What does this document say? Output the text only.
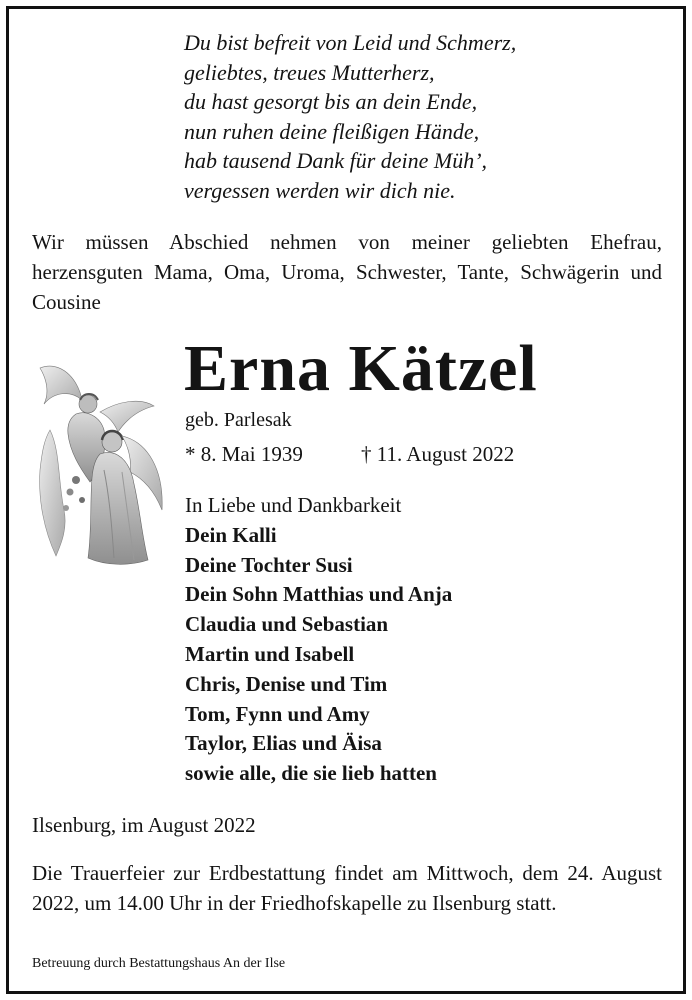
Du bist befreit von Leid und Schmerz,
geliebtes, treues Mutterherz,
du hast gesorgt bis an dein Ende,
nun ruhen deine fleißigen Hände,
hab tausend Dank für deine Müh’,
vergessen werden wir dich nie.
Wir müssen Abschied nehmen von meiner geliebten Ehefrau, herzensguten Mama, Oma, Uroma, Schwester, Tante, Schwägerin und Cousine
Erna Kätzel
geb. Parlesak
* 8. Mai 1939	† 11. August 2022
In Liebe und Dankbarkeit
Dein Kalli
Deine Tochter Susi
Dein Sohn Matthias und Anja
Claudia und Sebastian
Martin und Isabell
Chris, Denise und Tim
Tom, Fynn und Amy
Taylor, Elias und Äisa
sowie alle, die sie lieb hatten
Ilsenburg, im August 2022
Die Trauerfeier zur Erdbestattung findet am Mittwoch, dem 24. August 2022, um 14.00 Uhr in der Friedhofskapelle zu Ilsenburg statt.
Betreuung durch Bestattungshaus An der Ilse
